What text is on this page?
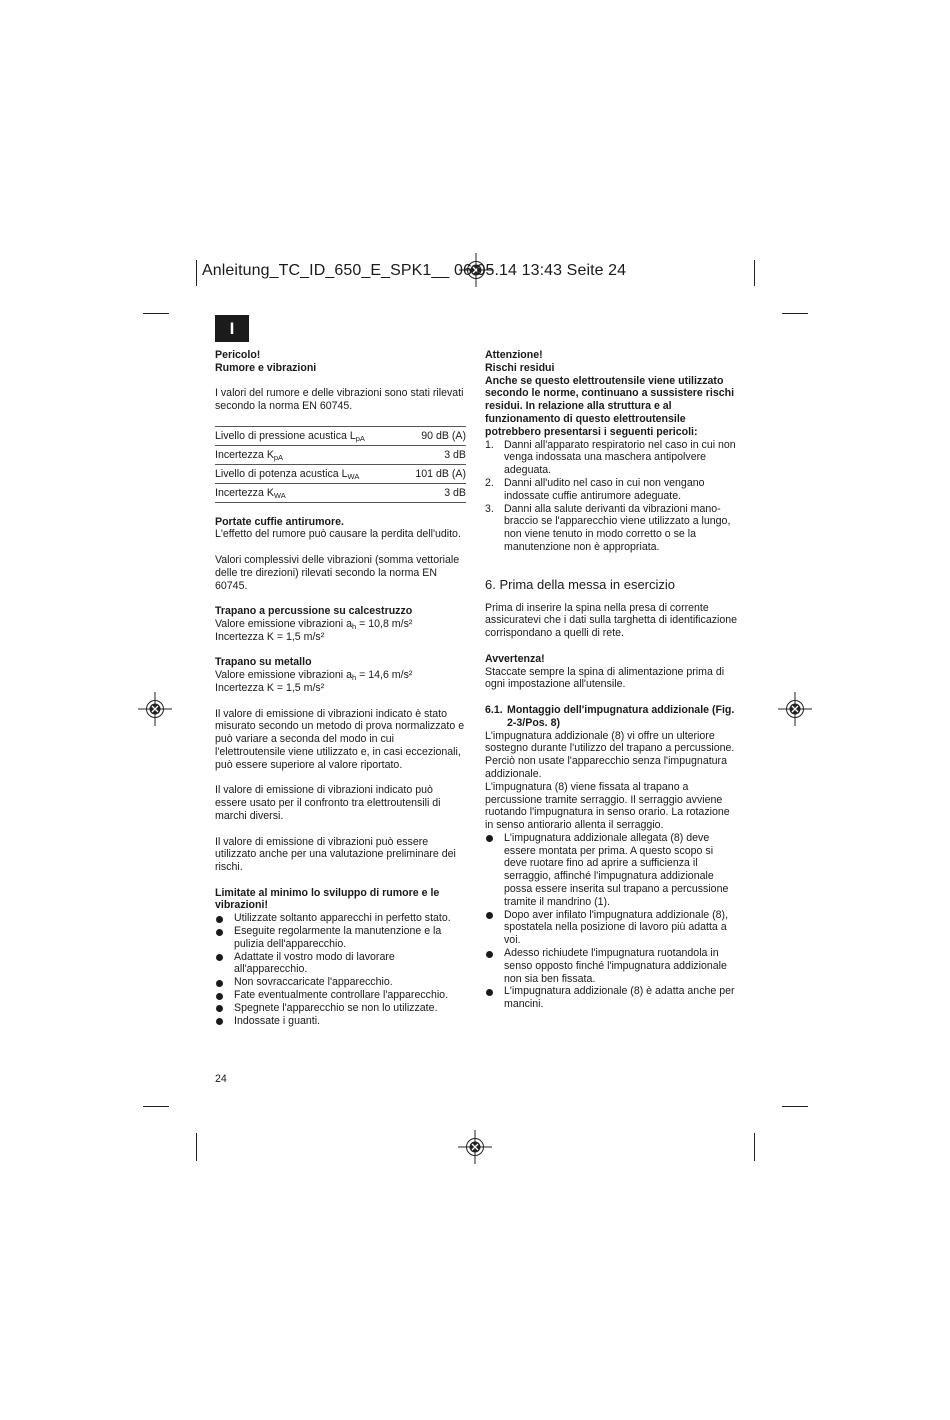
Anleitung_TC_ID_650_E_SPK1__ 06.05.14 13:43 Seite 24
I

Pericolo!

Rumore e vibrazioni

I valori del rumore e delle vibrazioni sono stati rilevati secondo la norma EN 60745.

Livello di pressione acustica $L_{pA}$	90 dB (A)
Incertezza $K_{pA}$	3 dB
Livello di potenza acustica $L_{WA}$	101 dB (A)
Incertezza $K_{WA}$	3 dB

Portate cuffie antirumore.

L'effetto del rumore può causare la perdita dell'udito.

Valori complessivi delle vibrazioni (somma vettoriale delle tre direzioni) rilevati secondo la norma EN 60745.

Trapano a percussione su calcestruzzo

Valore emissione vibrazioni $a_h = 10,8$ m/s²

Incertezza K = 1,5 m/s²

Trapano su metallo

Valore emissione vibrazioni $a_h = 14,6$ m/s²

Incertezza K = 1,5 m/s²

Il valore di emissione di vibrazioni indicato è stato misurato secondo un metodo di prova normalizzato e può variare a seconda del modo in cui l'elettroutensile viene utilizzato e, in casi eccezionali, può essere superiore al valore riportato.

Il valore di emissione di vibrazioni indicato può essere usato per il confronto tra elettroutensili di marchi diversi.

Il valore di emissione di vibrazioni può essere utilizzato anche per una valutazione preliminare dei rischi.

Limitate al minimo lo sviluppo di rumore e le vibrazioni!

Utilizzate soltanto apparecchi in perfetto stato.
Eseguite regolarmente la manutenzione e la pulizia dell'apparecchio.
Adattate il vostro modo di lavorare all'apparecchio.
Non sovraccaricate l'apparecchio.
Fate eventualmente controllare l'apparecchio.
Spegnete l'apparecchio se non lo utilizzate.
Indossate i guanti.

Attenzione!

Rischi residui

Anche se questo elettroutensile viene utilizzato secondo le norme, continuano a sussistere rischi residui. In relazione alla struttura e al funzionamento di questo elettroutensile potrebbero presentarsi i seguenti pericoli:

1. Danni all'apparato respiratorio nel caso in cui non venga indossata una maschera antipolvere adeguata.
2. Danni all'udito nel caso in cui non vengano indossate cuffie antirumore adeguate.
3. Danni alla salute derivanti da vibrazioni mano-braccio se l'apparecchio viene utilizzato a lungo, non viene tenuto in modo corretto o se la manutenzione non è appropriata.

6. Prima della messa in esercizio

Prima di inserire la spina nella presa di corrente assicuratevi che i dati sulla targhetta di identificazione corrispondano a quelli di rete.

Avvertenza!

Staccate sempre la spina di alimentazione prima di ogni impostazione all'utensile.

6.1. Montaggio dell'impugnatura addizionale (Fig. 2-3/Pos. 8)

L'impugnatura addizionale (8) vi offre un ulteriore sostegno durante l'utilizzo del trapano a percussione. Perciò non usate l'apparecchio senza l'impugnatura addizionale.

L'impugnatura (8) viene fissata al trapano a percussione tramite serraggio. Il serraggio avviene ruotando l'impugnatura in senso orario. La rotazione in senso antiorario allenta il serraggio.

L'impugnatura addizionale allegata (8) deve essere montata per prima. A questo scopo si deve ruotare fino ad aprire a sufficienza il serraggio, affinché l'impugnatura addizionale possa essere inserita sul trapano a percussione tramite il mandrino (1).
Dopo aver infilato l'impugnatura addizionale (8), spostatela nella posizione di lavoro più adatta a voi.
Adesso richiudete l'impugnatura ruotandola in senso opposto finché l'impugnatura addizionale non sia ben fissata.
L'impugnatura addizionale (8) è adatta anche per mancini.
24
